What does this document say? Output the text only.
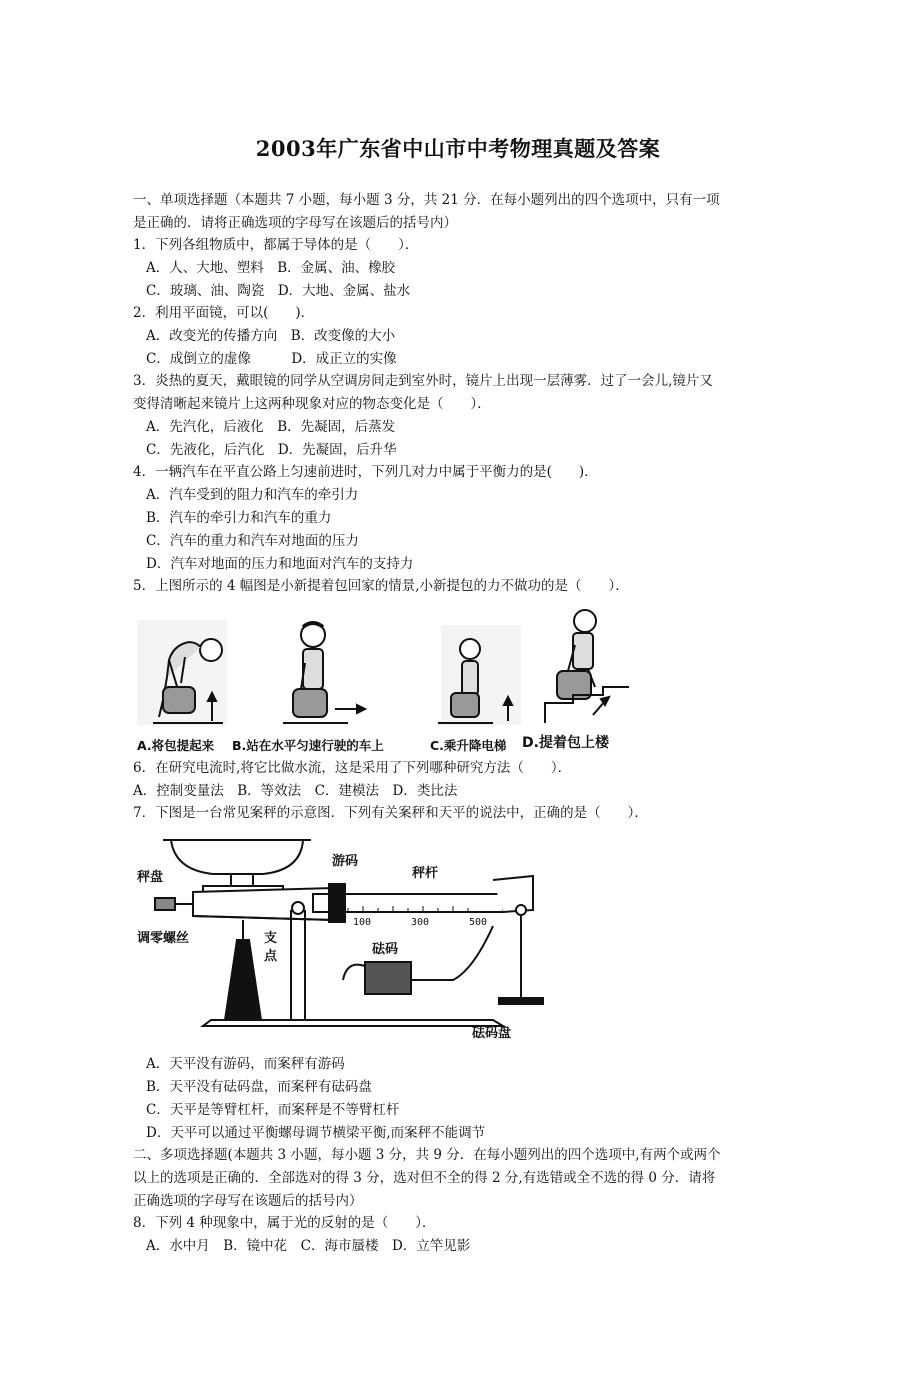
2003年广东省中山市中考物理真题及答案
一、单项选择题（本题共 7 小题，每小题 3 分，共 21 分．在每小题列出的四个选项中，只有一项
是正确的．请将正确选项的字母写在该题后的括号内）
1．下列各组物质中，都属于导体的是（　　）．
A．人、大地、塑料　B．金属、油、橡胶
C．玻璃、油、陶瓷　D．大地、金属、盐水
2．利用平面镜，可以(　　)．
A．改变光的传播方向　B．改变像的大小
C．成倒立的虚像　　　D．成正立的实像
3．炎热的夏天，戴眼镜的同学从空调房间走到室外时，镜片上出现一层薄雾．过了一会儿,镜片又
变得清晰起来镜片上这两种现象对应的物态变化是（　　）．
A．先汽化，后液化　B．先凝固，后蒸发
C．先液化，后汽化　D．先凝固，后升华
4．一辆汽车在平直公路上匀速前进时，下列几对力中属于平衡力的是(　　)．
A．汽车受到的阻力和汽车的牵引力
B．汽车的牵引力和汽车的重力
C．汽车的重力和汽车对地面的压力
D．汽车对地面的压力和地面对汽车的支持力
5．上图所示的 4 幅图是小新提着包回家的情景,小新提包的力不做功的是（　　）．
A.将包提起来 B.站在水平匀速行驶的车上	C.乘升降电梯 D.提着包上楼
6．在研究电流时,将它比做水流，这是采用了下列哪种研究方法（　　）．
A．控制变量法　B．等效法　C．建模法　D．类比法
7．下图是一台常见案秤的示意图．下列有关案秤和天平的说法中，正确的是（　　）．
100	300	500
秤盘
调零螺丝	支
点
游码
秤杆
砝码
砝码盘
A．天平没有游码，而案秤有游码
B．天平没有砝码盘，而案秤有砝码盘
C．天平是等臂杠杆，而案秤是不等臂杠杆
D．天平可以通过平衡螺母调节横梁平衡,而案秤不能调节
二、多项选择题(本题共 3 小题，每小题 3 分，共 9 分．在每小题列出的四个选项中,有两个或两个
以上的选项是正确的．全部选对的得 3 分，选对但不全的得 2 分,有选错或全不选的得 0 分．请将
正确选项的字母写在该题后的括号内）
8．下列 4 种现象中，属于光的反射的是（　　）．
A．水中月　B．镜中花　C．海市蜃楼　D．立竿见影
